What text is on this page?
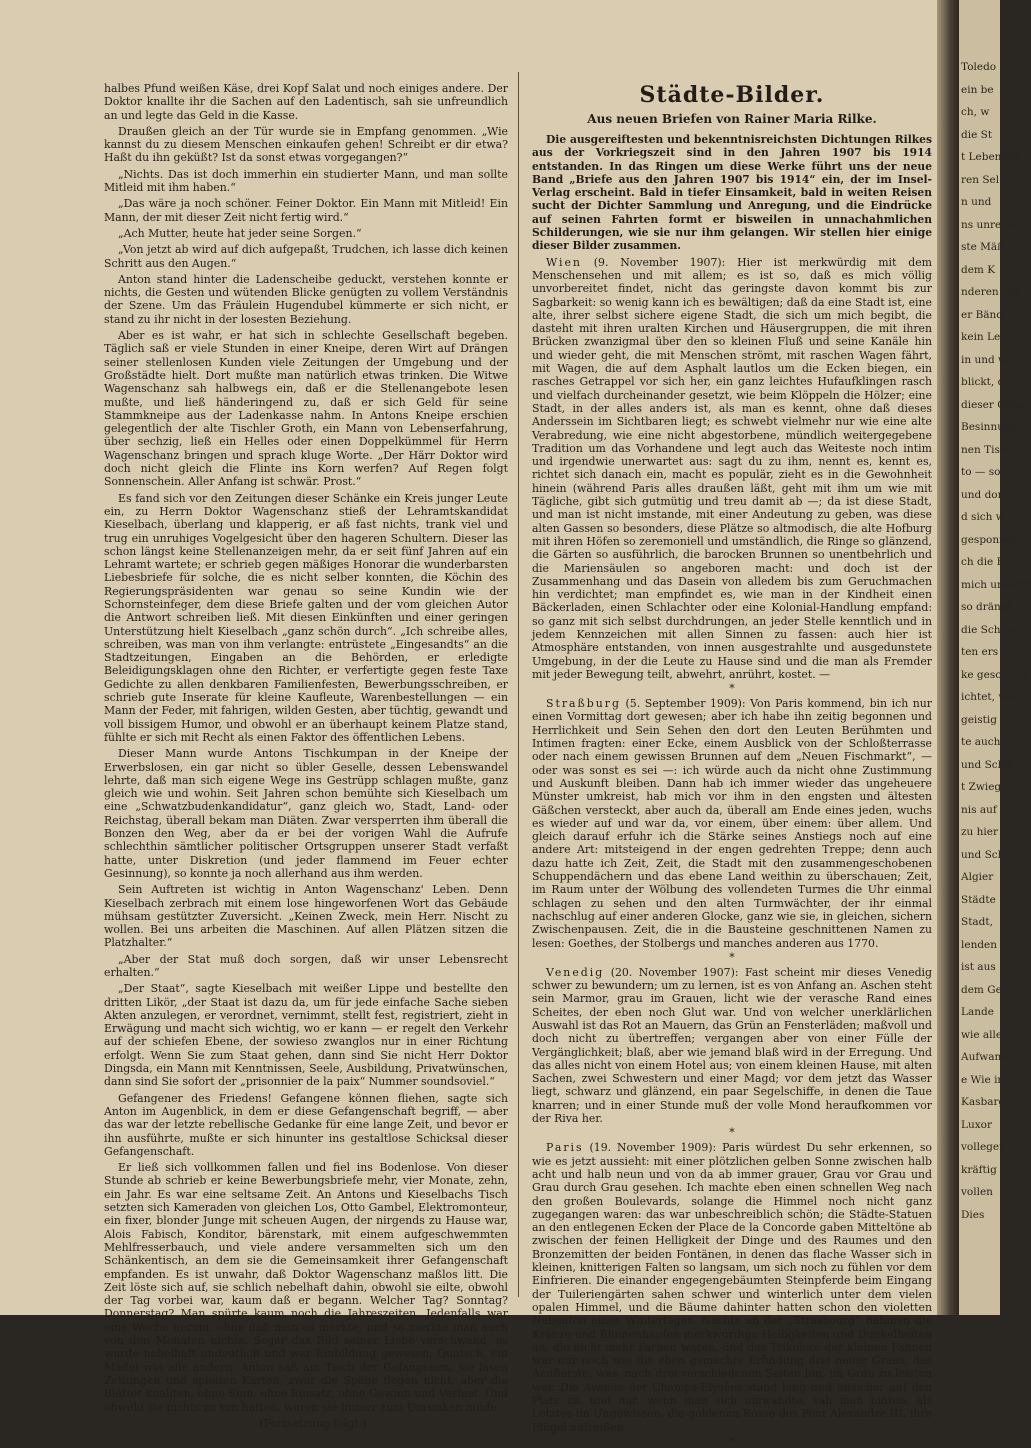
halbes Pfund weißen Käse, drei Kopf Salat und noch einiges andere. Der Doktor knallte ihr die Sachen auf den Ladentisch, sah sie unfreundlich an und legte das Geld in die Kasse.

Draußen gleich an der Tür wurde sie in Empfang genommen. „Wie kannst du zu diesem Menschen einkaufen gehen! Schreibt er dir etwa? Haßt du ihn geküßt? Ist da sonst etwas vorgegangen?“

„Nichts. Das ist doch immerhin ein studierter Mann, und man sollte Mitleid mit ihm haben.“

„Das wäre ja noch schöner. Feiner Doktor. Ein Mann mit Mitleid! Ein Mann, der mit dieser Zeit nicht fertig wird.“

„Ach Mutter, heute hat jeder seine Sorgen.“

„Von jetzt ab wird auf dich aufgepaßt, Trudchen, ich lasse dich keinen Schritt aus den Augen.“

Anton stand hinter die Ladenscheibe geduckt, verstehen konnte er nichts, die Gesten und wütenden Blicke genügten zu vollem Verständnis der Szene. Um das Fräulein Hugendubel kümmerte er sich nicht, er stand zu ihr nicht in der losesten Beziehung.

Aber es ist wahr, er hat sich in schlechte Gesellschaft begeben. Täglich saß er viele Stunden in einer Kneipe, deren Wirt auf Drängen seiner stellenlosen Kunden viele Zeitungen der Umgebung und der Großstädte hielt. Dort mußte man natürlich etwas trinken. Die Witwe Wagenschanz sah halbwegs ein, daß er die Stellenangebote lesen mußte, und ließ händeringend zu, daß er sich Geld für seine Stammkneipe aus der Ladenkasse nahm. In Antons Kneipe erschien gelegentlich der alte Tischler Groth, ein Mann von Lebenserfahrung, über sechzig, ließ ein Helles oder einen Doppelkümmel für Herrn Wagenschanz bringen und sprach kluge Worte. „Der Härr Doktor wird doch nicht gleich die Flinte ins Korn werfen? Auf Regen folgt Sonnenschein. Aller Anfang ist schwär. Prost.“

Es fand sich vor den Zeitungen dieser Schänke ein Kreis junger Leute ein, zu Herrn Doktor Wagenschanz stieß der Lehramtskandidat Kieselbach, überlang und klapperig, er aß fast nichts, trank viel und trug ein unruhiges Vogelgesicht über den hageren Schultern. Dieser las schon längst keine Stellenanzeigen mehr, da er seit fünf Jahren auf ein Lehramt wartete; er schrieb gegen mäßiges Honorar die wunderbarsten Liebesbriefe für solche, die es nicht selber konnten, die Köchin des Regierungspräsidenten war genau so seine Kundin wie der Schornsteinfeger, dem diese Briefe galten und der vom gleichen Autor die Antwort schreiben ließ. Mit diesen Einkünften und einer geringen Unterstützung hielt Kieselbach „ganz schön durch“. „Ich schreibe alles, schreiben, was man von ihm verlangte: entrüstete „Eingesandts“ an die Stadtzeitungen, Eingaben an die Behörden, er erledigte Beleidigungsklagen ohne den Richter, er verfertigte gegen feste Taxe Gedichte zu allen denkbaren Familienfesten, Bewerbungsschreiben, er schrieb gute Inserate für kleine Kaufleute, Warenbestellungen — ein Mann der Feder, mit fahrigen, wilden Gesten, aber tüchtig, gewandt und voll bissigem Humor, und obwohl er an überhaupt keinem Platze stand, fühlte er sich mit Recht als einen Faktor des öffentlichen Lebens.

Dieser Mann wurde Antons Tischkumpan in der Kneipe der Erwerbslosen, ein gar nicht so übler Geselle, dessen Lebenswandel lehrte, daß man sich eigene Wege ins Gestrüpp schlagen mußte, ganz gleich wie und wohin. Seit Jahren schon bemühte sich Kieselbach um eine „Schwatzbudenkandidatur“, ganz gleich wo, Stadt, Land- oder Reichstag, überall bekam man Diäten. Zwar versperrten ihm überall die Bonzen den Weg, aber da er bei der vorigen Wahl die Aufrufe schlechthin sämtlicher politischer Ortsgruppen unserer Stadt verfaßt hatte, unter Diskretion (und jeder flammend im Feuer echter Gesinnung), so konnte ja noch allerhand aus ihm werden.

Sein Auftreten ist wichtig in Anton Wagenschanz' Leben. Denn Kieselbach zerbrach mit einem lose hingeworfenen Wort das Gebäude mühsam gestützter Zuversicht. „Keinen Zweck, mein Herr. Nischt zu wollen. Bei uns arbeiten die Maschinen. Auf allen Plätzen sitzen die Platzhalter.“

„Aber der Stat muß doch sorgen, daß wir unser Lebensrecht erhalten.“

„Der Staat“, sagte Kieselbach mit weißer Lippe und bestellte den dritten Likör, „der Staat ist dazu da, um für jede einfache Sache sieben Akten anzulegen, er verordnet, vernimmt, stellt fest, registriert, zieht in Erwägung und macht sich wichtig, wo er kann — er regelt den Verkehr auf der schiefen Ebene, der sowieso zwanglos nur in einer Richtung erfolgt. Wenn Sie zum Staat gehen, dann sind Sie nicht Herr Doktor Dingsda, ein Mann mit Kenntnissen, Seele, Ausbildung, Privatwünschen, dann sind Sie sofort der „prisonnier de la paix“ Nummer soundsoviel.“

Gefangener des Friedens! Gefangene können fliehen, sagte sich Anton im Augenblick, in dem er diese Gefangenschaft begriff, — aber das war der letzte rebellische Gedanke für eine lange Zeit, und bevor er ihn ausführte, mußte er sich hinunter ins gestaltlose Schicksal dieser Gefangenschaft.

Er ließ sich vollkommen fallen und fiel ins Bodenlose. Von dieser Stunde ab schrieb er keine Bewerbungsbriefe mehr, vier Monate, zehn, ein Jahr. Es war eine seltsame Zeit. An Antons und Kieselbachs Tisch setzten sich Kameraden von gleichen Los, Otto Gambel, Elektromonteur, ein fixer, blonder Junge mit scheuen Augen, der nirgends zu Hause war, Alois Fabisch, Konditor, bärenstark, mit einem aufgeschwemmten Mehlfresserbauch, und viele andere versammelten sich um den Schänkentisch, an dem sie die Gemeinsamkeit ihrer Gefangenschaft empfanden. Es ist unwahr, daß Doktor Wagenschanz maßlos litt. Die Zeit löste sich auf, sie schlich nebelhaft dahin, obwohl sie eilte, obwohl der Tag vorbei war, kaum daß er begann. Welcher Tag? Sonntag? Donnerstag? Man spürte kaum noch die Jahreszeiten. Jedenfalls war eine Woche herum, ohne daß man es merkte, und so merkte man auch von den Monaten nichts. Sogar das Bild seiner Liebe verschwand, es wurde nebelhaft undeutlich und war Einbildung gewesen, Quatsch, ein Mädel wie alle andern. Anton saß am Tisch der Gefangenen, sie lasen Zeitungen und spielten Karten, zwar die Späne flogen nicht, aber die Blätter knallten, ohne Sinn, ohne Einsatz, ohne Gewinn und Verlust. Und obwohl sie nichts zu tun hatten, waren sie immer zum Umsinken müde.

(Fortsetzung folgt.)

Städte-Bilder.
Aus neuen Briefen von Rainer Maria Rilke.

Die ausgereiftesten und bekenntnisreichsten Dichtungen Rilkes aus der Vorkriegszeit sind in den Jahren 1907 bis 1914 entstanden. In das Ringen um diese Werke führt uns der neue Band „Briefe aus den Jahren 1907 bis 1914“ ein, der im Insel-Verlag erscheint. Bald in tiefer Einsamkeit, bald in weiten Reisen sucht der Dichter Sammlung und Anregung, und die Eindrücke auf seinen Fahrten formt er bisweilen in unnachahmlichen Schilderungen, wie sie nur ihm gelangen. Wir stellen hier einige dieser Bilder zusammen.

Wien (9. November 1907): Hier ist merkwürdig mit dem Menschensehen und mit allem; es ist so, daß es mich völlig unvorbereitet findet, nicht das geringste davon kommt bis zur Sagbarkeit: so wenig kann ich es bewältigen; daß da eine Stadt ist, eine alte, ihrer selbst sichere eigene Stadt, die sich um mich begibt, die dasteht mit ihren uralten Kirchen und Häusergruppen, die mit ihren Brücken zwanzigmal über den so kleinen Fluß und seine Kanäle hin und wieder geht, die mit Menschen strömt, mit raschen Wagen fährt, mit Wagen, die auf dem Asphalt lautlos um die Ecken biegen, ein rasches Getrappel vor sich her, ein ganz leichtes Hufaufklingen rasch und vielfach durcheinander gesetzt, wie beim Klöppeln die Hölzer; eine Stadt, in der alles anders ist, als man es kennt, ohne daß dieses Anderssein im Sichtbaren liegt; es schwebt vielmehr nur wie eine alte Verabredung, wie eine nicht abgestorbene, mündlich weitergegebene Tradition um das Vorhandene und legt auch das Weiteste noch intim und irgendwie unerwartet aus: sagt du zu ihm, nennt es, kennt es, richtet sich danach ein, macht es populär, zieht es in die Gewohnheit hinein (während Paris alles draußen läßt, geht mit ihm um wie mit Tägliche, gibt sich gutmütig und treu damit ab —; da ist diese Stadt, und man ist nicht imstande, mit einer Andeutung zu geben, was diese alten Gassen so besonders, diese Plätze so altmodisch, die alte Hofburg mit ihren Höfen so zeremoniell und umständlich, die Ringe so glänzend, die Gärten so ausführlich, die barocken Brunnen so unentbehrlich und die Mariensäulen so angeboren macht: und doch ist der Zusammenhang und das Dasein von alledem bis zum Geruchmachen hin verdichtet; man empfindet es, wie man in der Kindheit einen Bäckerladen, einen Schlachter oder eine Kolonial-Handlung empfand: so ganz mit sich selbst durchdrungen, an jeder Stelle kenntlich und in jedem Kennzeichen mit allen Sinnen zu fassen: auch hier ist Atmosphäre entstanden, von innen ausgestrahlte und ausgedunstete Umgebung, in der die Leute zu Hause sind und die man als Fremder mit jeder Bewegung teilt, abwehrt, anrührt, kostet. —

*

Straßburg (5. September 1909): Von Paris kommend, bin ich nur einen Vormittag dort gewesen; aber ich habe ihn zeitig begonnen und Herrlichkeit und Sein Sehen den dort den Leuten Berühmten und Intimen fragten: einer Ecke, einem Ausblick von der Schloßterrasse oder nach einem gewissen Brunnen auf dem „Neuen Fischmarkt“, — oder was sonst es sei —: ich würde auch da nicht ohne Zustimmung und Auskunft bleiben. Dann hab ich immer wieder das ungeheuere Münster umkreist, hab mich vor ihm in den engsten und ältesten Gäßchen versteckt, aber auch da, überall am Ende eines jeden, wuchs es wieder auf und war da, vor einem, über einem: über allem. Und gleich darauf erfuhr ich die Stärke seines Anstiegs noch auf eine andere Art: mitsteigend in der engen gedrehten Treppe; denn auch dazu hatte ich Zeit, Zeit, die Stadt mit den zusammengeschobenen Schuppendächern und das ebene Land weithin zu überschauen; Zeit, im Raum unter der Wölbung des vollendeten Turmes die Uhr einmal schlagen zu sehen und den alten Turmwächter, der ihr einmal nachschlug auf einer anderen Glocke, ganz wie sie, in gleichen, sichern Zwischenpausen. Zeit, die in die Bausteine geschnittenen Namen zu lesen: Goethes, der Stolbergs und manches anderen aus 1770.

*

Venedig (20. November 1907): Fast scheint mir dieses Venedig schwer zu bewundern; um zu lernen, ist es von Anfang an. Aschen steht sein Marmor, grau im Grauen, licht wie der verasche Rand eines Scheites, der eben noch Glut war. Und von welcher unerklärlichen Auswahl ist das Rot an Mauern, das Grün an Fensterläden; maßvoll und doch nicht zu übertreffen; vergangen aber von einer Fülle der Vergänglichkeit; blaß, aber wie jemand blaß wird in der Erregung. Und das alles nicht von einem Hotel aus; von einem kleinen Hause, mit alten Sachen, zwei Schwestern und einer Magd; vor dem jetzt das Wasser liegt, schwarz und glänzend, ein paar Segelschiffe, in denen die Taue knarren; und in einer Stunde muß der volle Mond heraufkommen vor der Riva her.

*

Paris (19. November 1909): Paris würdest Du sehr erkennen, so wie es jetzt aussieht: mit einer plötzlichen gelben Sonne zwischen halb acht und halb neun und von da ab immer grauer, Grau vor Grau und Grau durch Grau gesehen. Ich machte eben einen schnellen Weg nach den großen Boulevards, solange die Himmel noch nicht ganz zugegangen waren: das war unbeschreiblich schön; die Städte-Statuen an den entlegenen Ecken der Place de la Concorde gaben Mitteltöne ab zwischen der feinen Helligkeit der Dinge und des Raumes und den Bronzemitten der beiden Fontänen, in denen das flache Wasser sich in kleinen, knitterigen Falten so langsam, um sich noch zu fühlen vor dem Einfrieren. Die einander engegengebäumten Steinpferde beim Eingang der Tuileriengärten sahen schwer und winterlich unter dem vielen opalen Himmel, und die Bäume dahinter hatten schon den violetten Nebenton eines Wintertages. Nachts an der „Strasbourg“ nahmen die Kränze und Blumenhaufen merkwürdige Helligkeiten und Dunkelheiten an, die nicht mehr Farben waren, und das Trikolore der kleinen Fahnen war nur noch wie die eben gemachte Erfindung drei neuer Graus, das Aeußerste, was, nach drei verschiedenen Seiten hin, im Grau zu leisten war. Die Avenue der Champs-Elysées stand lang und unsicher auf den Platz zu, und nur, wenn man sich umwandte, sah man hinten, als Letztes im Ungewissen, die goldenen Rosse des Pont Alexandre III. ihre Flügel aufreißen.

*
Toledo
ein be
ch, w
die St
t Lebenden
ren Sel
n und
ns unregel
ste Mäß
dem K
nderen ein
er Bänd
kein Le
in und wi
blickt, der
dieser Gege
Besinnung
nen Tisch
to — so g
und dort
d sich w
gesponnen
ch die F
mich unterbr
so drängt
die Schöpfu
ten ers
ke geschloss
ichtet, wie
geistig
te auch
und Schlä
t Zwiege
nis auf
zu hier
und Schö
Algier
Städte
Stadt,
lenden
ist aus
dem Ge
Lande
wie alles
Aufwand
e Wie in
Kasbarg
Luxor
vollegen
kräftig
vollen
Dies
